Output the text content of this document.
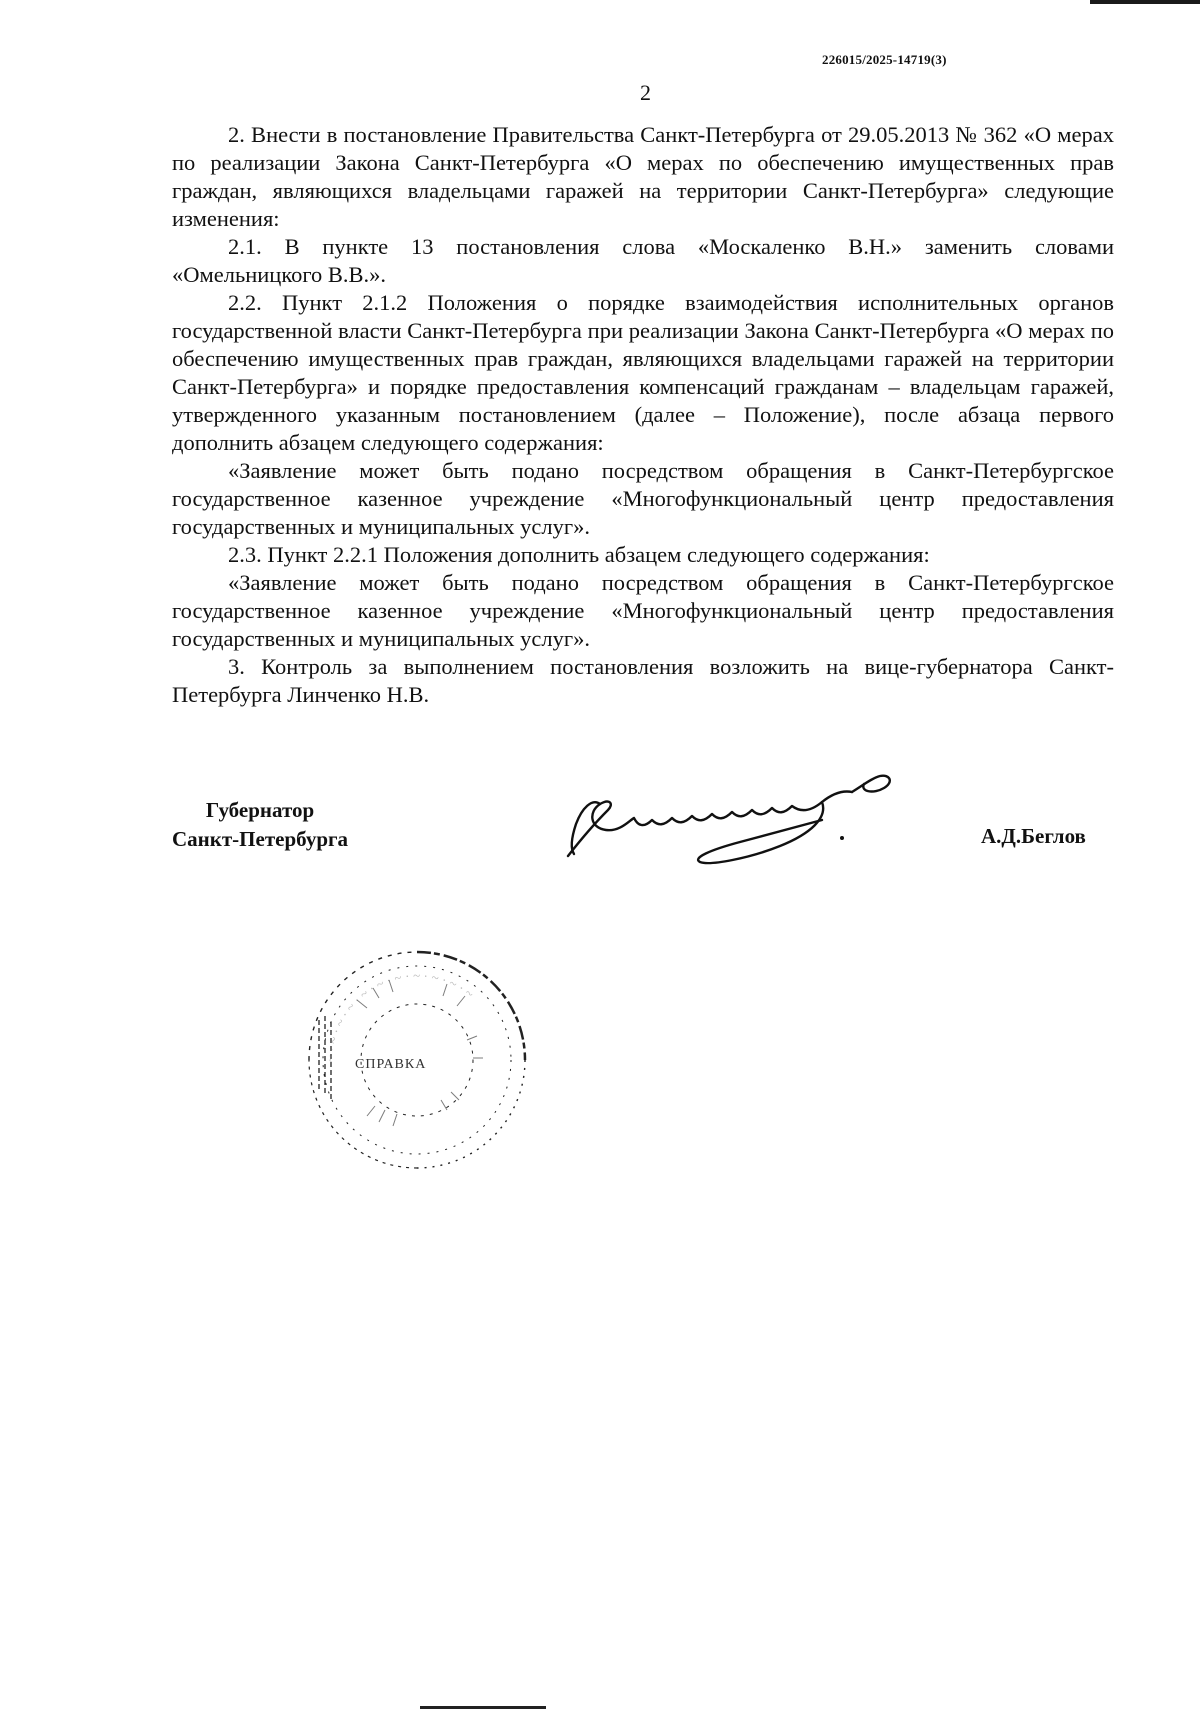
226015/2025-14719(3)
2

2. Внести в постановление Правительства Санкт-Петербурга от 29.05.2013 № 362 «О мерах по реализации Закона Санкт-Петербурга «О мерах по обеспечению имущественных прав граждан, являющихся владельцами гаражей на территории Санкт-Петербурга» следующие изменения:

2.1. В пункте 13 постановления слова «Москаленко В.Н.» заменить словами «Омельницкого В.В.».

2.2. Пункт 2.1.2 Положения о порядке взаимодействия исполнительных органов государственной власти Санкт-Петербурга при реализации Закона Санкт-Петербурга «О мерах по обеспечению имущественных прав граждан, являющихся владельцами гаражей на территории Санкт-Петербурга» и порядке предоставления компенсаций гражданам – владельцам гаражей, утвержденного указанным постановлением (далее – Положение), после абзаца первого дополнить абзацем следующего содержания:

«Заявление может быть подано посредством обращения в Санкт-Петербургское государственное казенное учреждение «Многофункциональный центр предоставления государственных и муниципальных услуг».

2.3. Пункт 2.2.1 Положения дополнить абзацем следующего содержания:

«Заявление может быть подано посредством обращения в Санкт-Петербургское государственное казенное учреждение «Многофункциональный центр предоставления государственных и муниципальных услуг».

3. Контроль за выполнением постановления возложить на вице-губернатора Санкт-Петербурга Линченко Н.В.

Губернатор
Санкт-Петербурга	А.Д.Беглов
~ · ~ · ~ · ~ · ~ · ~ · ~ · ~ · ~ · ~ · ~
СПРАВКА
